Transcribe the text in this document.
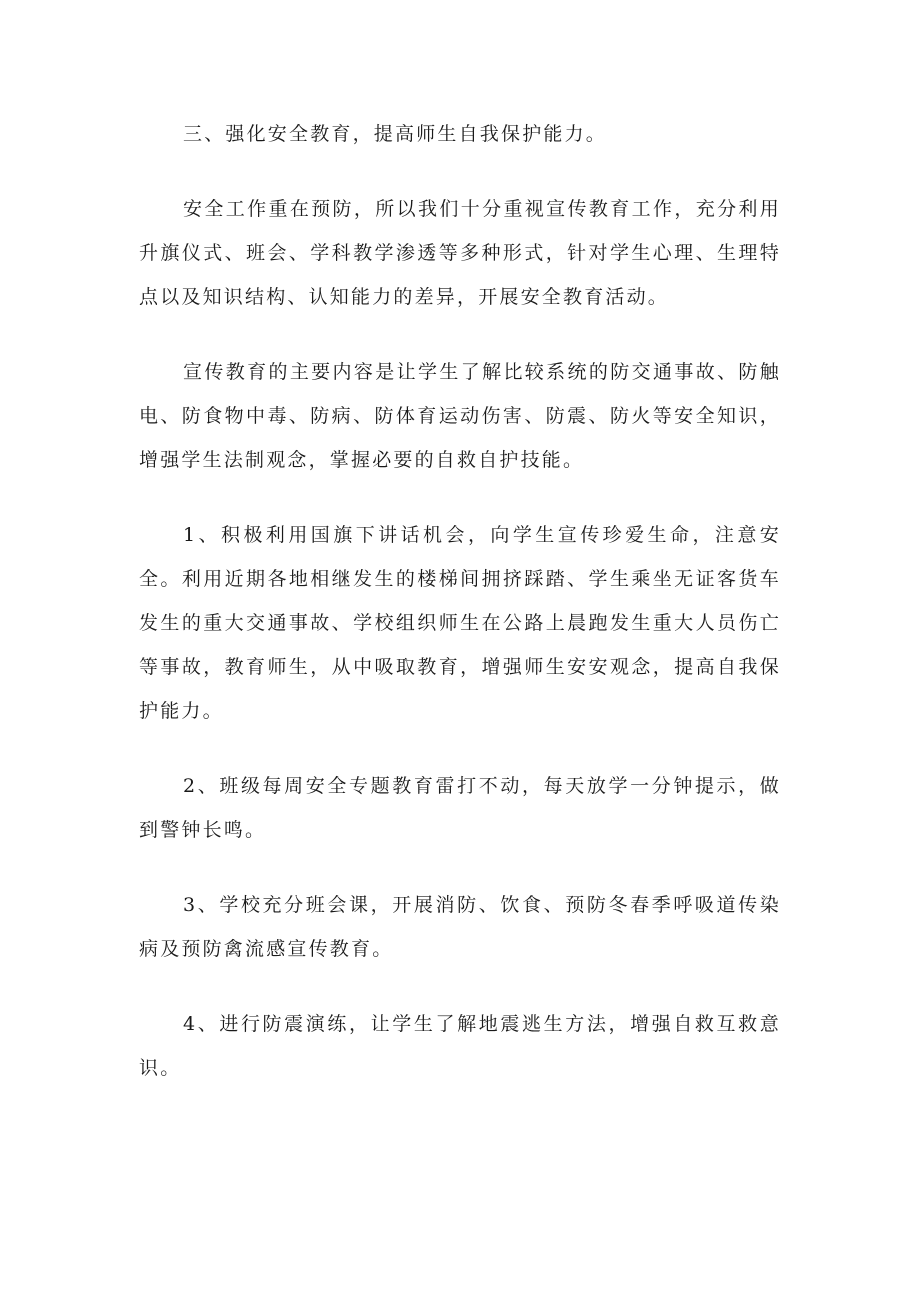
三、强化安全教育，提高师生自我保护能力。

安全工作重在预防，所以我们十分重视宣传教育工作，充分利用升旗仪式、班会、学科教学渗透等多种形式，针对学生心理、生理特点以及知识结构、认知能力的差异，开展安全教育活动。

宣传教育的主要内容是让学生了解比较系统的防交通事故、防触电、防食物中毒、防病、防体育运动伤害、防震、防火等安全知识，增强学生法制观念，掌握必要的自救自护技能。

1、积极利用国旗下讲话机会，向学生宣传珍爱生命，注意安全。利用近期各地相继发生的楼梯间拥挤踩踏、学生乘坐无证客货车发生的重大交通事故、学校组织师生在公路上晨跑发生重大人员伤亡等事故，教育师生，从中吸取教育，增强师生安安观念，提高自我保护能力。

2、班级每周安全专题教育雷打不动，每天放学一分钟提示，做到警钟长鸣。

3、学校充分班会课，开展消防、饮食、预防冬春季呼吸道传染病及预防禽流感宣传教育。

4、进行防震演练，让学生了解地震逃生方法，增强自救互救意识。
